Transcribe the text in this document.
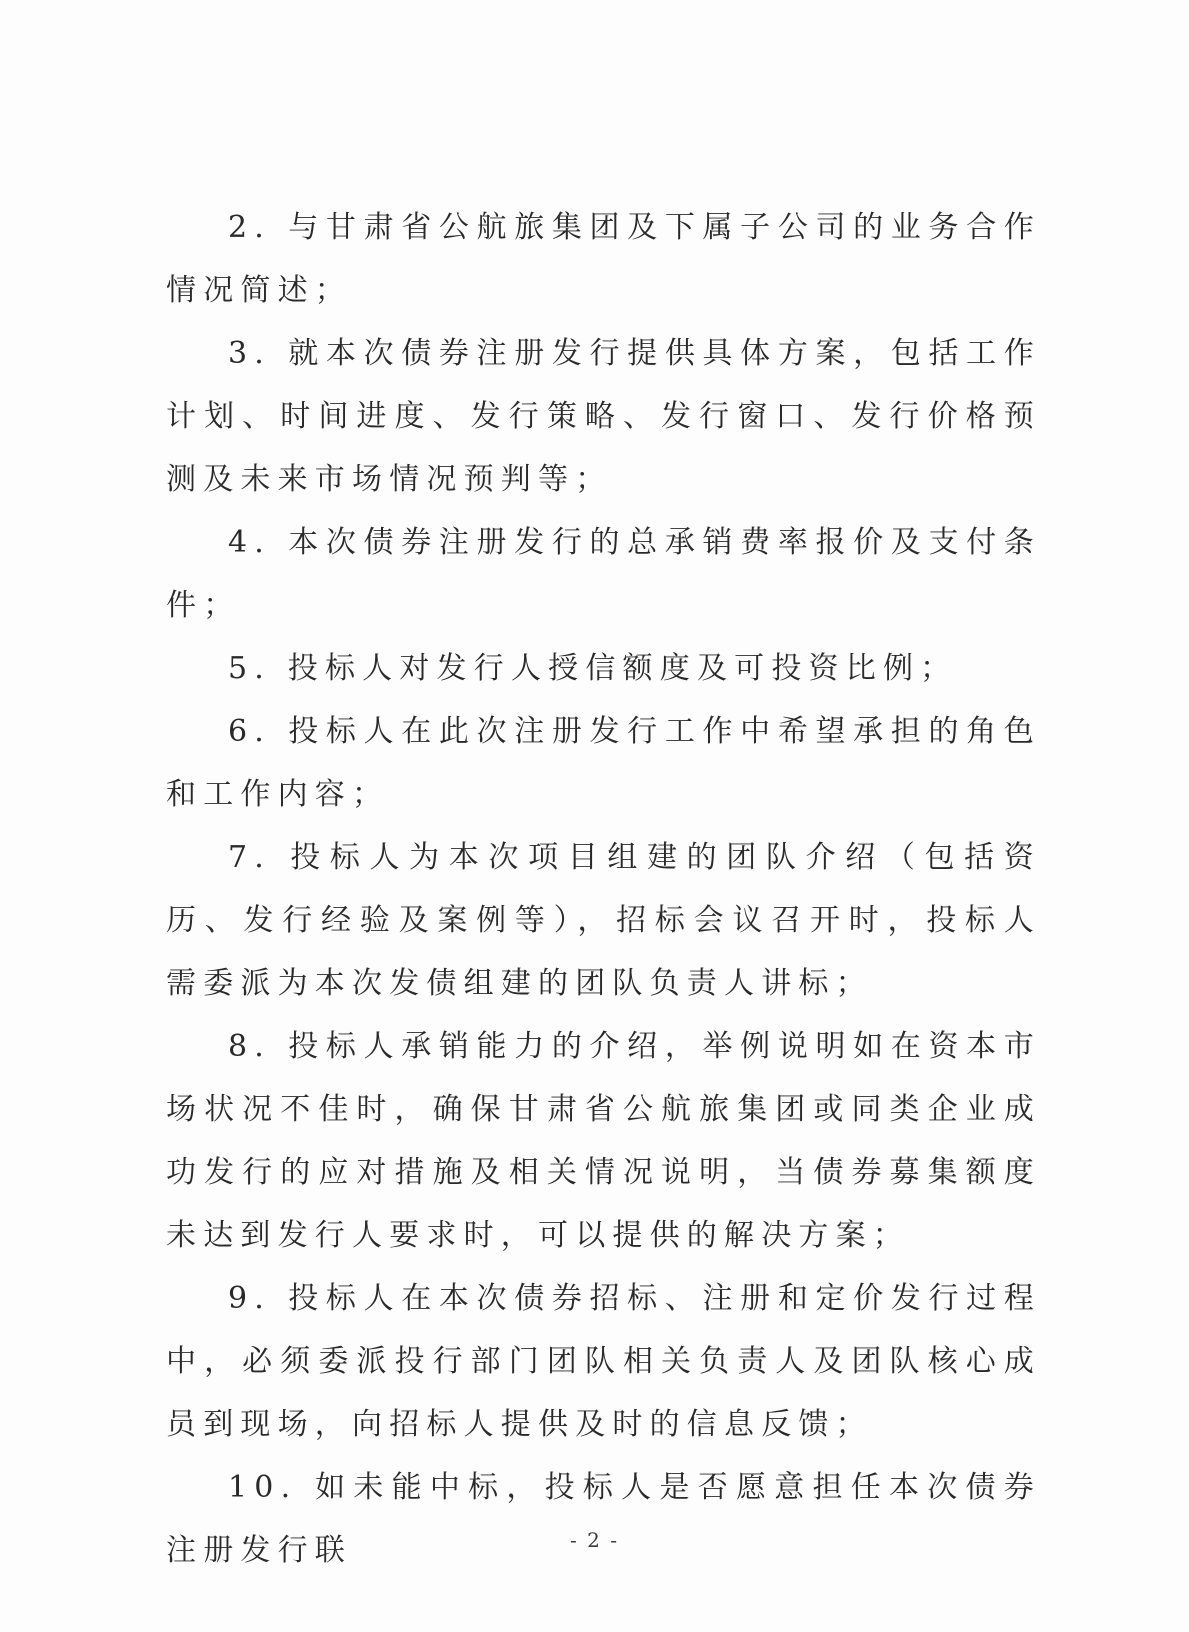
2. 与甘肃省公航旅集团及下属子公司的业务合作情况简述；

3. 就本次债券注册发行提供具体方案，包括工作计划、时间进度、发行策略、发行窗口、发行价格预测及未来市场情况预判等；

4. 本次债券注册发行的总承销费率报价及支付条件；

5. 投标人对发行人授信额度及可投资比例；

6. 投标人在此次注册发行工作中希望承担的角色和工作内容；

7. 投标人为本次项目组建的团队介绍（包括资历、发行经验及案例等），招标会议召开时，投标人需委派为本次发债组建的团队负责人讲标；

8. 投标人承销能力的介绍，举例说明如在资本市场状况不佳时，确保甘肃省公航旅集团或同类企业成功发行的应对措施及相关情况说明，当债券募集额度未达到发行人要求时，可以提供的解决方案；

9. 投标人在本次债券招标、注册和定价发行过程中，必须委派投行部门团队相关负责人及团队核心成员到现场，向招标人提供及时的信息反馈；

10. 如未能中标，投标人是否愿意担任本次债券注册发行联	- 2 -
